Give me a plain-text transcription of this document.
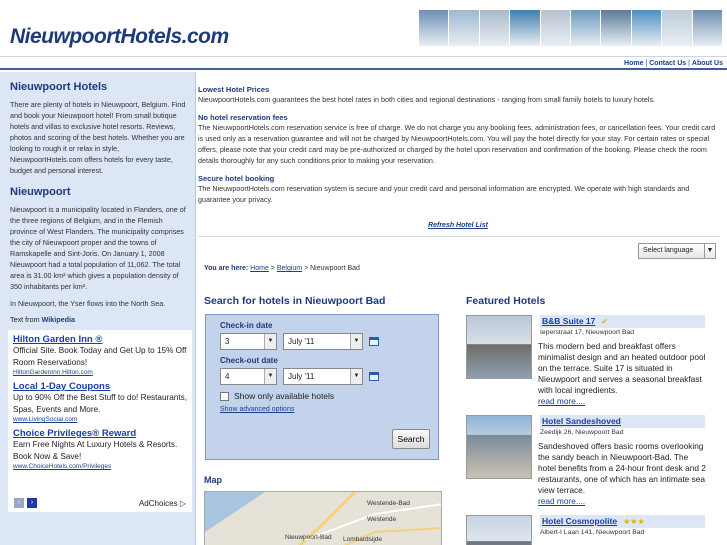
NieuwpoortHotels.com
Home | Contact Us | About Us
Nieuwpoort Hotels

There are plenty of hotels in Nieuwpoort, Belgium. Find and book your Nieuwpoort hotel! From small butique hotels and villas to exclusive hotel resorts. Reviews, photos and scoring of the best hotels. Whether you are looking to rough it or relax in style, NieuwpoortHotels.com offers hotels for every taste, budget and personal interest.

Nieuwpoort

Nieuwpoort is a municipality located in Flanders, one of the three regions of Belgium, and in the Flemish province of West Flanders. The municipality comprises the city of Nieuwpoort proper and the towns of Ramskapelle and Sint-Joris. On January 1, 2008 Nieuwpoort had a total population of 11,062. The total area is 31.00 km² which gives a population density of 350 inhabitants per km².

In Nieuwpoort, the Yser flows into the North Sea.

Text from Wikipedia
Hilton Garden Inn ®
Official Site. Book Today and Get Up to 15% Off Room Reservations!
HiltonGardenInn.Hilton.com
Local 1-Day Coupons
Up to 90% Off the Best Stuff to do! Restaurants, Spas, Events and More.
www.LivingSocial.com
Choice Privileges® Reward
Earn Free Nights At Luxury Hotels & Resorts. Book Now & Save!
www.ChoiceHotels.com/Privileges
‹	›	AdChoices ▷
Lowest Hotel Prices

NieuwpoortHotels.com guarantees the best hotel rates in both cities and regional destinations - ranging from small family hotels to luxury hotels.

No hotel reservation fees

The NieuwpoortHotels.com reservation service is free of charge. We do not charge you any booking fees, administration fees, or cancellation fees. Your credit card is used only as a reservation guarantee and will not be charged by NieuwpoortHotels.com. You will pay the hotel directly for your stay. For certain rates or special offers, please note that your credit card may be pre-authorized or charged by the hotel upon reservation and confirmation of the booking. Please check the room details thoroughly for any such conditions prior to making your reservation.

Secure hotel booking

The NieuwpoortHotels.com reservation system is secure and your credit card and personal information are encrypted. We operate with high standards and guarantee your privacy.

Refresh Hotel List
Select language	▼
You are here: Home > Belgium > Nieuwpoort Bad
Search for hotels in Nieuwpoort Bad
Check-in date
3	▼	July '11	▼
Check-out date
4	▼	July '11	▼
Show only available hotels
Show advanced options
Search
Map
Westende-Bad
Westende
Nieuwpoort-Bad Lombardsijde
Featured Hotels
B&B Suite 17 ✔
Ieperstraat 17, Nieuwpoort Bad
This modern bed and breakfast offers minimalist design and an heated outdoor pool on the terrace. Suite 17 is situated in Nieuwpoort and serves a seasonal breakfast with local ingredients.
read more....
Hotel Sandeshoved
Zeedijk 26, Nieuwpoort Bad
Sandeshoved offers basic rooms overlooking the sandy beach in Nieuwpoort-Bad. The hotel benefits from a 24-hour front desk and 2 restaurants, one of which has an intimate sea view terrace.
read more....
Hotel Cosmopolite ★★★
Albert-I Laan 141, Nieuwpoort Bad
